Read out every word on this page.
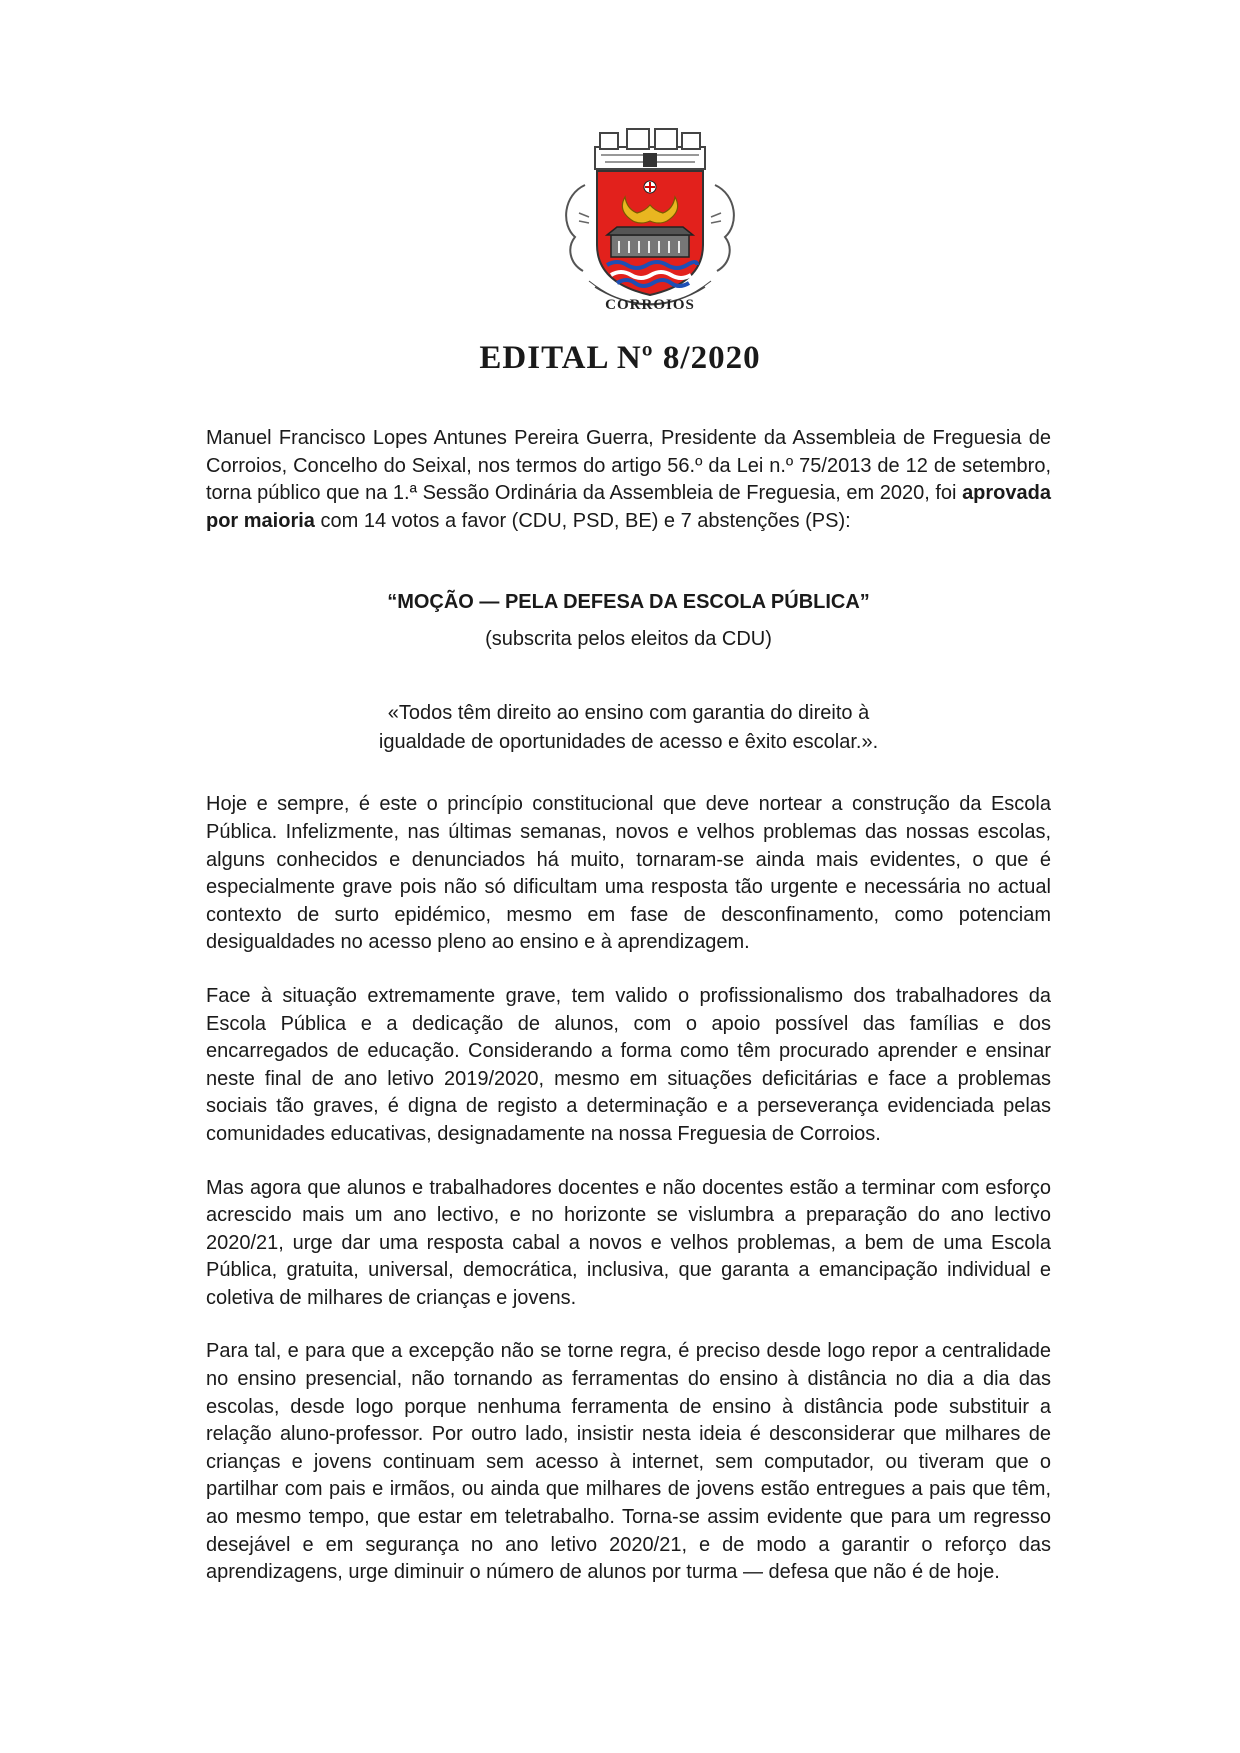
CORROIOS
EDITAL Nº 8/2020

Manuel Francisco Lopes Antunes Pereira Guerra, Presidente da Assembleia de Freguesia de Corroios, Concelho do Seixal, nos termos do artigo 56.º da Lei n.º 75/2013 de 12 de setembro, torna público que na 1.ª Sessão Ordinária da Assembleia de Freguesia, em 2020, foi aprovada por maioria com 14 votos a favor (CDU, PSD, BE) e 7 abstenções (PS):

“MOÇÃO — PELA DEFESA DA ESCOLA PÚBLICA”
(subscrita pelos eleitos da CDU)
«Todos têm direito ao ensino com garantia do direito à igualdade de oportunidades de acesso e êxito escolar.».

Hoje e sempre, é este o princípio constitucional que deve nortear a construção da Escola Pública. Infelizmente, nas últimas semanas, novos e velhos problemas das nossas escolas, alguns conhecidos e denunciados há muito, tornaram-se ainda mais evidentes, o que é especialmente grave pois não só dificultam uma resposta tão urgente e necessária no actual contexto de surto epidémico, mesmo em fase de desconfinamento, como potenciam desigualdades no acesso pleno ao ensino e à aprendizagem.

Face à situação extremamente grave, tem valido o profissionalismo dos trabalhadores da Escola Pública e a dedicação de alunos, com o apoio possível das famílias e dos encarregados de educação. Considerando a forma como têm procurado aprender e ensinar neste final de ano letivo 2019/2020, mesmo em situações deficitárias e face a problemas sociais tão graves, é digna de registo a determinação e a perseverança evidenciada pelas comunidades educativas, designadamente na nossa Freguesia de Corroios.

Mas agora que alunos e trabalhadores docentes e não docentes estão a terminar com esforço acrescido mais um ano lectivo, e no horizonte se vislumbra a preparação do ano lectivo 2020/21, urge dar uma resposta cabal a novos e velhos problemas, a bem de uma Escola Pública, gratuita, universal, democrática, inclusiva, que garanta a emancipação individual e coletiva de milhares de crianças e jovens.

Para tal, e para que a excepção não se torne regra, é preciso desde logo repor a centralidade no ensino presencial, não tornando as ferramentas do ensino à distância no dia a dia das escolas, desde logo porque nenhuma ferramenta de ensino à distância pode substituir a relação aluno-professor. Por outro lado, insistir nesta ideia é desconsiderar que milhares de crianças e jovens continuam sem acesso à internet, sem computador, ou tiveram que o partilhar com pais e irmãos, ou ainda que milhares de jovens estão entregues a pais que têm, ao mesmo tempo, que estar em teletrabalho. Torna-se assim evidente que para um regresso desejável e em segurança no ano letivo 2020/21, e de modo a garantir o reforço das aprendizagens, urge diminuir o número de alunos por turma — defesa que não é de hoje.
